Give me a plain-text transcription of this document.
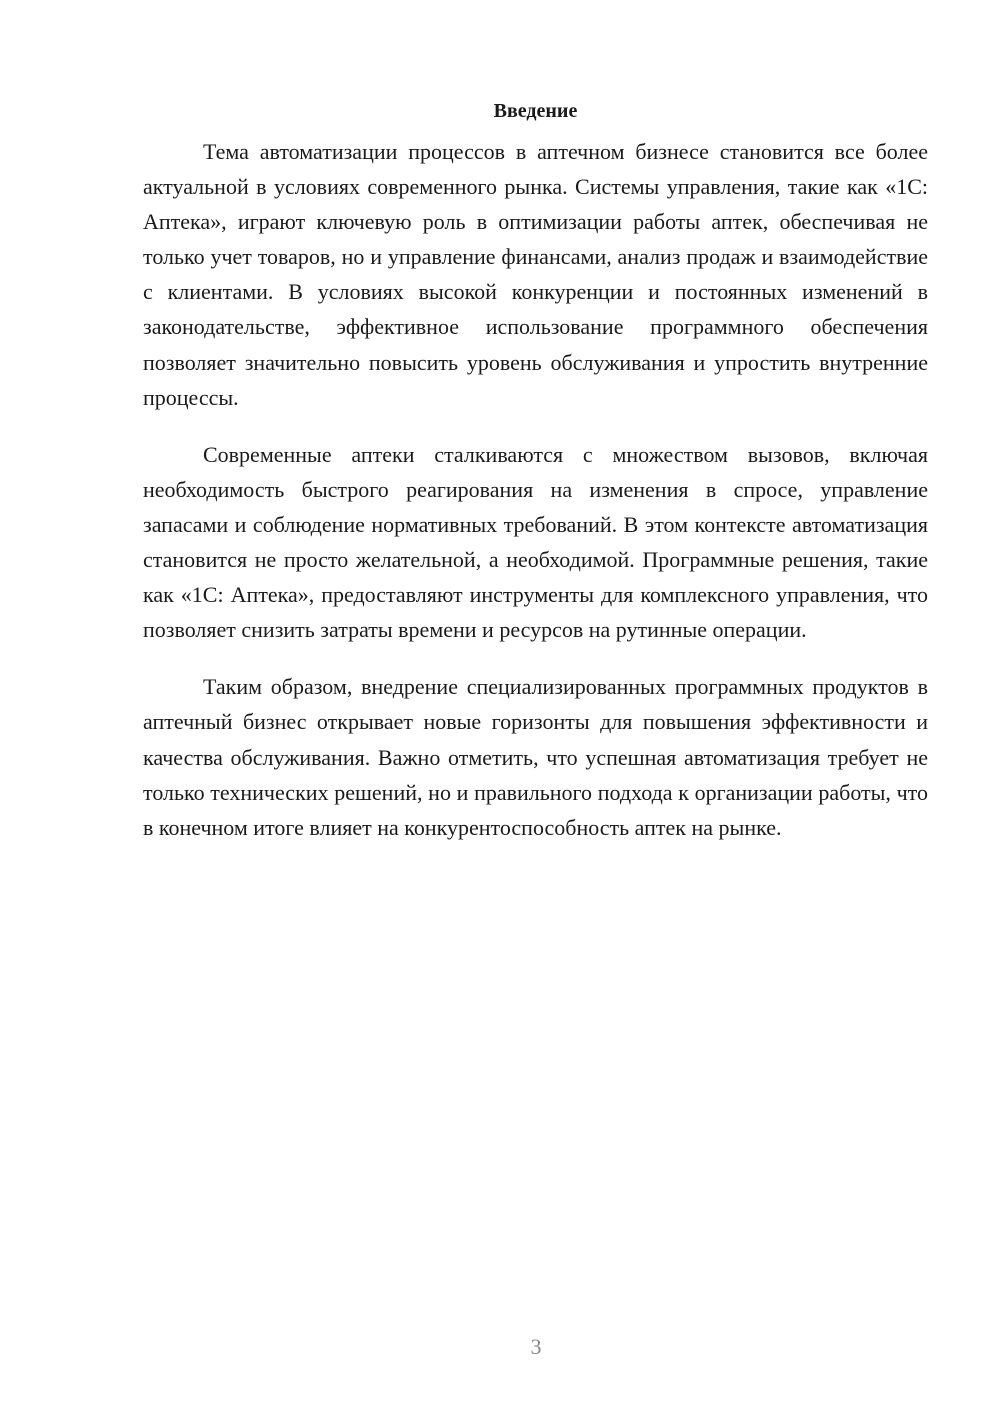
Введение

Тема автоматизации процессов в аптечном бизнесе становится все более актуальной в условиях современного рынка. Системы управления, такие как «1С: Аптека», играют ключевую роль в оптимизации работы аптек, обеспечивая не только учет товаров, но и управление финансами, анализ продаж и взаимодействие с клиентами. В условиях высокой конкуренции и постоянных изменений в законодательстве, эффективное использование программного обеспечения позволяет значительно повысить уровень обслуживания и упростить внутренние процессы.

Современные аптеки сталкиваются с множеством вызовов, включая необходимость быстрого реагирования на изменения в спросе, управление запасами и соблюдение нормативных требований. В этом контексте автоматизация становится не просто желательной, а необходимой. Программные решения, такие как «1С: Аптека», предоставляют инструменты для комплексного управления, что позволяет снизить затраты времени и ресурсов на рутинные операции.

Таким образом, внедрение специализированных программных продуктов в аптечный бизнес открывает новые горизонты для повышения эффективности и качества обслуживания. Важно отметить, что успешная автоматизация требует не только технических решений, но и правильного подхода к организации работы, что в конечном итоге влияет на конкурентоспособность аптек на рынке.

3
